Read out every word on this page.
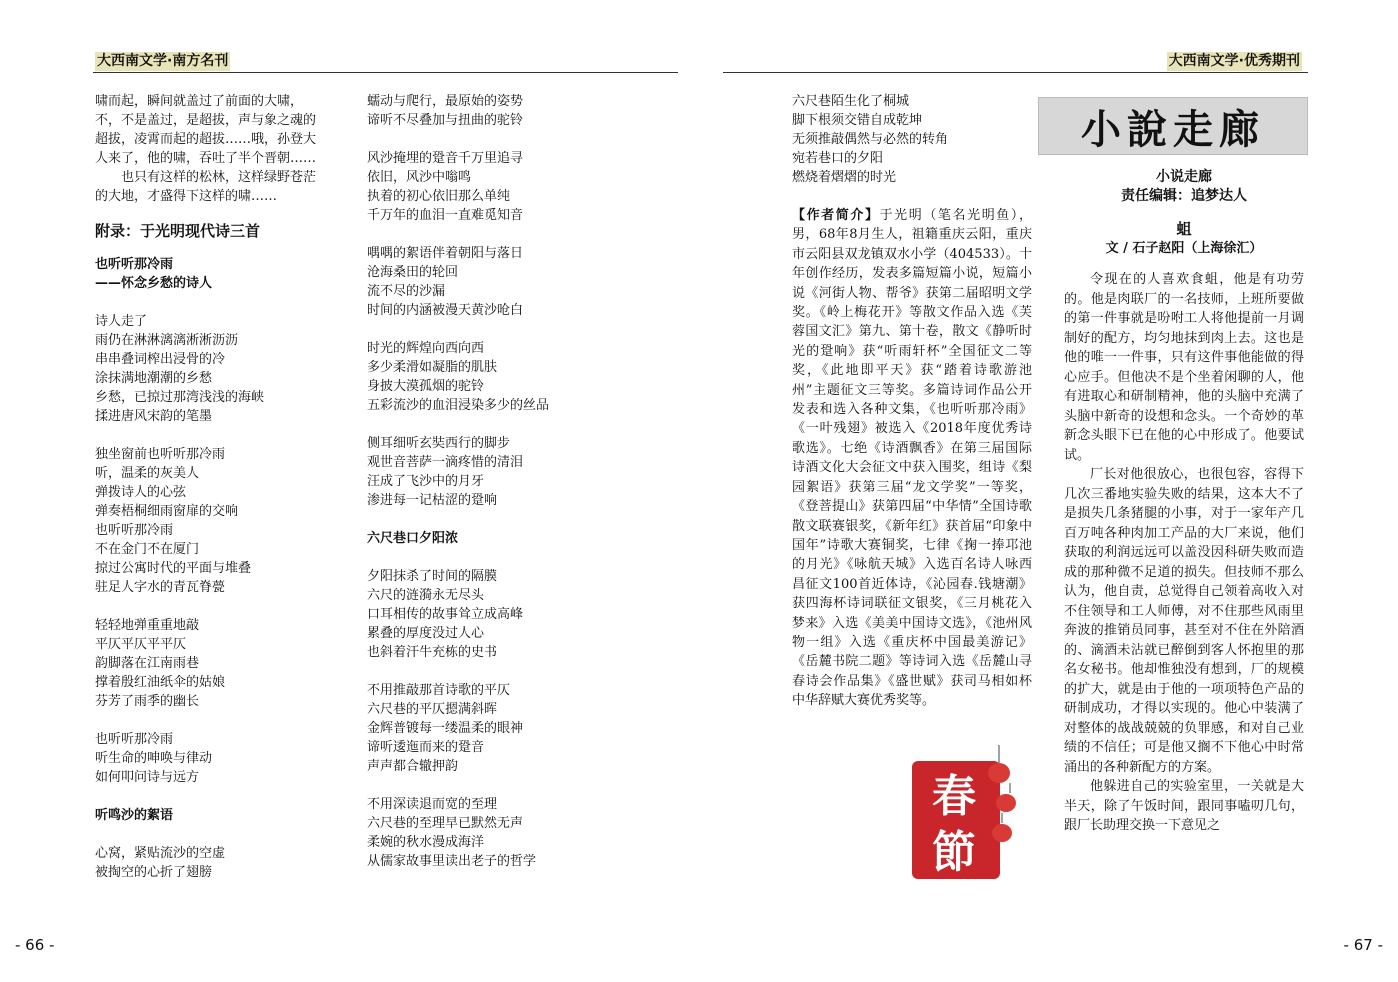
大西南文学·南方名刊	大西南文学·优秀期刊
啸而起，瞬间就盖过了前面的大啸，
不，不是盖过，是超拔，声与象之魂的
超拔，凌霄而起的超拔……哦，孙登大
人来了，他的啸，吞吐了半个晋朝……
也只有这样的松林，这样绿野苍茫
的大地，才盛得下这样的啸……
附录：于光明现代诗三首
也听听那冷雨
——怀念乡愁的诗人
诗人走了
雨仍在淋淋漓漓淅淅沥沥
串串叠词榨出浸骨的冷
涂抹满地潮潮的乡愁
乡愁，已掠过那湾浅浅的海峡
揉进唐风宋韵的笔墨
独坐窗前也听听那冷雨
听，温柔的灰美人
弹拨诗人的心弦
弹奏梧桐细雨窗扉的交响
也听听那冷雨
不在金门不在厦门
掠过公寓时代的平面与堆叠
驻足人字水的青瓦脊甍
轻轻地弹重重地敲
平仄平仄平平仄
韵脚落在江南雨巷
撑着殷红油纸伞的姑娘
芬芳了雨季的幽长
也听听那冷雨
听生命的呻唤与律动
如何叩问诗与远方
听鸣沙的絮语
心窝，紧贴流沙的空虚
被掏空的心折了翅膀
蠕动与爬行，最原始的姿势
谛听不尽叠加与扭曲的驼铃
风沙掩埋的跫音千万里追寻
依旧，风沙中嗡鸣
执着的初心依旧那么单纯
千万年的血泪一直难觅知音
喁喁的絮语伴着朝阳与落日
沧海桑田的轮回
流不尽的沙漏
时间的内涵被漫天黄沙呛白
时光的辉煌向西向西
多少柔滑如凝脂的肌肤
身披大漠孤烟的驼铃
五彩流沙的血泪浸染多少的丝品
侧耳细听玄奘西行的脚步
观世音菩萨一滴疼惜的清泪
汪成了飞沙中的月牙
渗进每一记枯涩的跫响
六尺巷口夕阳浓
夕阳抹杀了时间的隔膜
六尺的涟漪永无尽头
口耳相传的故事耸立成高峰
累叠的厚度没过人心
也斜着汗牛充栋的史书
不用推敲那首诗歌的平仄
六尺巷的平仄摁满斜晖
金辉普镀每一缕温柔的眼神
谛听逶迤而来的跫音
声声都合辙押韵
不用深读退而宽的至理
六尺巷的至理早已默然无声
柔婉的秋水漫成海洋
从儒家故事里读出老子的哲学
六尺巷陌生化了桐城
脚下根须交错自成乾坤
无须推敲偶然与必然的转角
宛若巷口的夕阳
燃烧着熠熠的时光

【作者简介】于光明（笔名光明鱼），男，68年8月生人，祖籍重庆云阳，重庆市云阳县双龙镇双水小学（404533）。十年创作经历，发表多篇短篇小说，短篇小说《河街人物、帮爷》获第二届昭明文学奖。《岭上梅花开》等散文作品入选《芙蓉国文汇》第九、第十卷，散文《静听时光的跫响》获“听雨轩杯”全国征文二等奖，《此地即平天》获“踏着诗歌游池州”主题征文三等奖。多篇诗词作品公开发表和选入各种文集，《也听听那冷雨》《一叶残翅》被选入《2018年度优秀诗歌选》。七绝《诗酒飘香》在第三届国际诗酒文化大会征文中获入围奖，组诗《梨园絮语》获第三届“龙文学奖”一等奖，《登菩提山》获第四届“中华情”全国诗歌散文联赛银奖，《新年红》获首届“印象中国年”诗歌大赛铜奖，七律《掬一捧邛池的月光》《咏航天城》入选百名诗人咏西昌征文100首近体诗，《沁园春.钱塘潮》获四海杯诗词联征文银奖，《三月桃花入梦来》入选《美美中国诗文选》，《池州风物一组》入选《重庆杯中国最美游记》《岳麓书院二题》等诗词入选《岳麓山寻春诗会作品集》《盛世赋》获司马相如杯中华辞赋大赛优秀奖等。

春
節
小說走廊
小说走廊
责任编辑：追梦达人
蛆
文 / 石子赵阳（上海徐汇）

令现在的人喜欢食蛆，他是有功劳的。他是肉联厂的一名技师，上班所要做的第一件事就是吩咐工人将他提前一月调制好的配方，均匀地抹到肉上去。这也是他的唯一一件事，只有这件事他能做的得心应手。但他决不是个坐着闲聊的人，他有进取心和研制精神，他的头脑中充满了头脑中新奇的设想和念头。一个奇妙的革新念头眼下已在他的心中形成了。他要试试。

厂长对他很放心，也很包容，容得下几次三番地实验失败的结果，这本大不了是损失几条猪腿的小事，对于一家年产几百万吨各种肉加工产品的大厂来说，他们获取的利润远远可以盖没因科研失败而造成的那种微不足道的损失。但技师不那么认为，他自责，总觉得自己领着高收入对不住领导和工人师傅，对不住那些风雨里奔波的推销员同事，甚至对不住在外陪酒的、滴酒未沾就已醉倒到客人怀抱里的那名女秘书。他却惟独没有想到，厂的规模的扩大，就是由于他的一项项特色产品的研制成功，才得以实现的。他心中装满了对整体的战战兢兢的负罪感，和对自己业绩的不信任；可是他又搁不下他心中时常涌出的各种新配方的方案。

他躲进自己的实验室里，一关就是大半天，除了午饭时间，跟同事嗑叨几句，跟厂长助理交换一下意见之

- 66 -	- 67 -
